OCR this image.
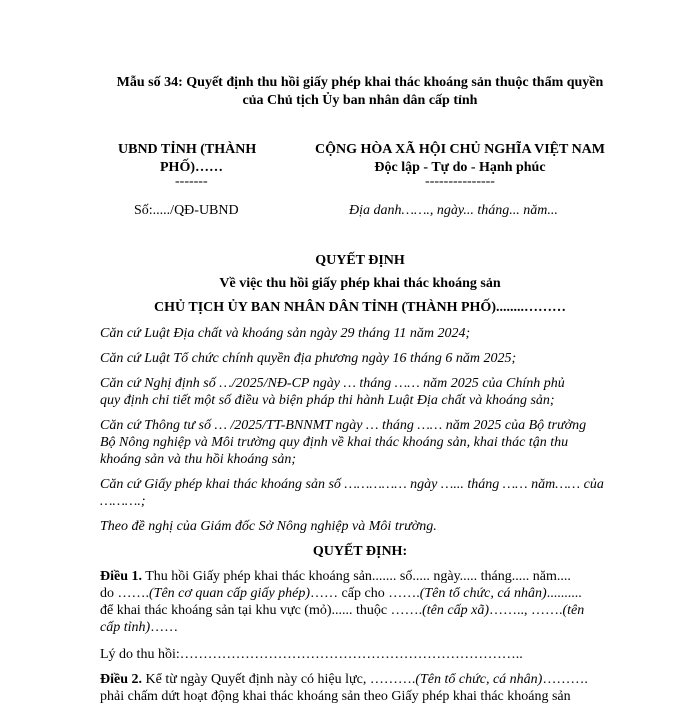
Mẫu số 34: Quyết định thu hồi giấy phép khai thác khoáng sản thuộc thẩm quyền

của Chủ tịch Ủy ban nhân dân cấp tỉnh

UBND TỈNH (THÀNH

PHỐ)……

-------

Số:...../QĐ-UBND

CỘNG HÒA XÃ HỘI CHỦ NGHĨA VIỆT NAM

Độc lập - Tự do - Hạnh phúc

---------------

Địa danh……., ngày... tháng... năm...

QUYẾT ĐỊNH

Về việc thu hồi giấy phép khai thác khoáng sản

CHỦ TỊCH ỦY BAN NHÂN DÂN TỈNH (THÀNH PHỐ)........………

Căn cứ Luật Địa chất và khoáng sản ngày 29 tháng 11 năm 2024;

Căn cứ Luật Tổ chức chính quyền địa phương ngày 16 tháng 6 năm 2025;

Căn cứ Nghị định số …/2025/NĐ-CP ngày … tháng …… năm 2025 của Chính phủ

quy định chi tiết một số điều và biện pháp thi hành Luật Địa chất và khoáng sản;

Căn cứ Thông tư số … /2025/TT-BNNMT ngày … tháng …… năm 2025 của Bộ trưởng

Bộ Nông nghiệp và Môi trường quy định về khai thác khoáng sản, khai thác tận thu

khoáng sản và thu hồi khoáng sản;

Căn cứ Giấy phép khai thác khoáng sản số …………… ngày …... tháng …… năm…… của

……….;

Theo đề nghị của Giám đốc Sở Nông nghiệp và Môi trường.

QUYẾT ĐỊNH:

Điều 1. Thu hồi Giấy phép khai thác khoáng sản....... số..... ngày..... tháng..... năm....

do …….(Tên cơ quan cấp giấy phép)…… cấp cho …….(Tên tổ chức, cá nhân)..........

để khai thác khoáng sản tại khu vực (mỏ)...... thuộc …….(tên cấp xã)…….., …….(tên

cấp tỉnh)……

Lý do thu hồi:………………………………………………………………..

Điều 2. Kể từ ngày Quyết định này có hiệu lực, ……….(Tên tổ chức, cá nhân)……….

phải chấm dứt hoạt động khai thác khoáng sản theo Giấy phép khai thác khoáng sản
